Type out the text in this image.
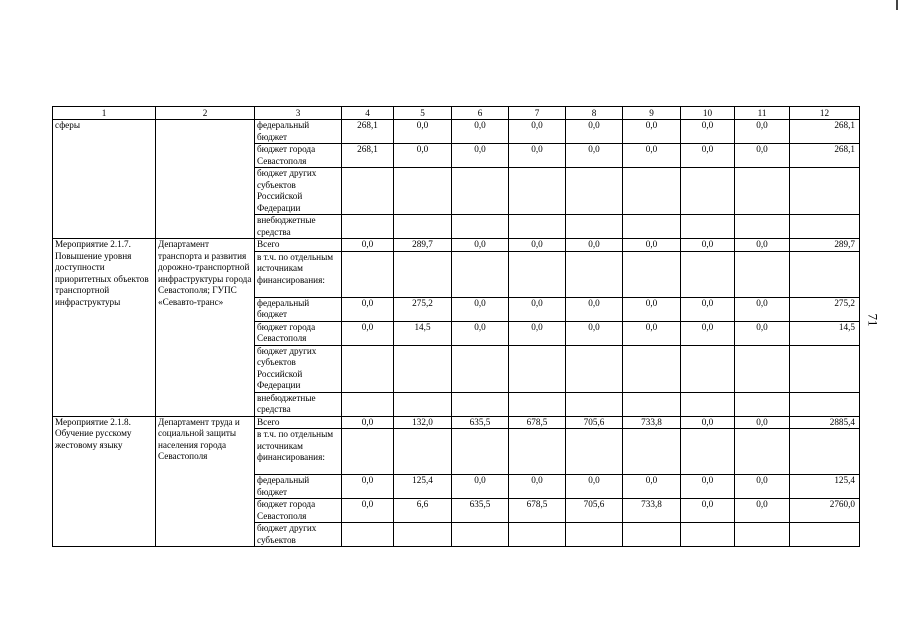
71
1	2	3	4	5	6	7	8	9	10	11	12
сферы		федеральный бюджет	268,1	0,0	0,0	0,0	0,0	0,0	0,0	0,0	268,1
		бюджет города Севастополя	268,1	0,0	0,0	0,0	0,0	0,0	0,0	0,0	268,1
		бюджет других субъектов Российской Федерации									
		внебюджетные средства									
Мероприятие 2.1.7. Повышение уровня доступности приоритетных объектов транспортной инфраструктуры	Департамент транспорта и развития дорожно-транспортной инфраструктуры города Севастополя; ГУПС «Севавто-транс»	Всего	0,0	289,7	0,0	0,0	0,0	0,0	0,0	0,0	289,7
		в т.ч. по отдельным источникам финансирования:									
		федеральный бюджет	0,0	275,2	0,0	0,0	0,0	0,0	0,0	0,0	275,2
		бюджет города Севастополя	0,0	14,5	0,0	0,0	0,0	0,0	0,0	0,0	14,5
		бюджет других субъектов Российской Федерации									
		внебюджетные средства									
Мероприятие 2.1.8. Обучение русскому жестовому языку	Департамент труда и социальной защиты населения города Севастополя	Всего	0,0	132,0	635,5	678,5	705,6	733,8	0,0	0,0	2885,4
		в т.ч. по отдельным источникам финансирования:									
		федеральный бюджет	0,0	125,4	0,0	0,0	0,0	0,0	0,0	0,0	125,4
		бюджет города Севастополя	0,0	6,6	635,5	678,5	705,6	733,8	0,0	0,0	2760,0
		бюджет других субъектов									
